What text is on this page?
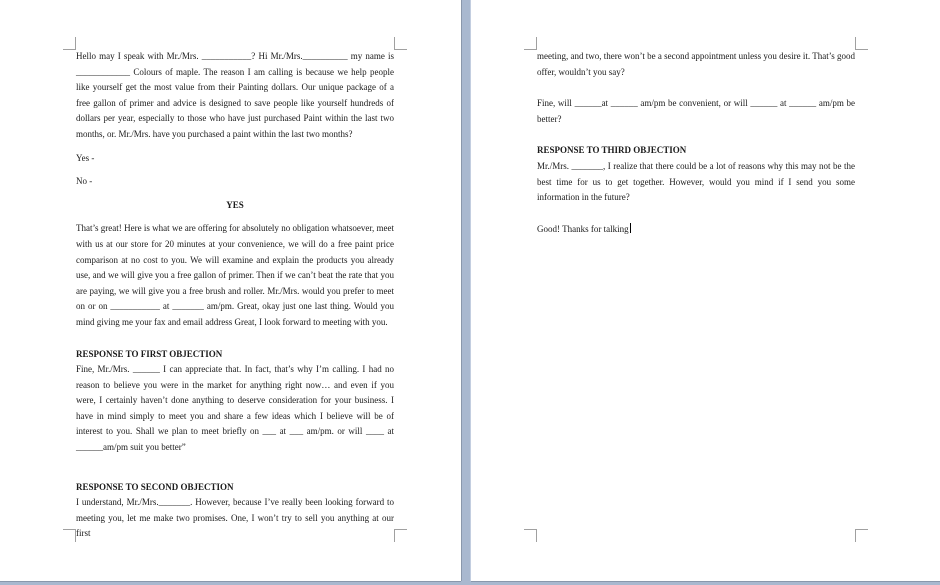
Hello may I speak with Mr./Mrs. ___________? Hi Mr./Mrs.__________ my name is ____________ Colours of maple. The reason I am calling is because we help people like yourself get the most value from their Painting dollars. Our unique package of a free gallon of primer and advice is designed to save people like yourself hundreds of dollars per year, especially to those who have just purchased Paint within the last two months, or. Mr./Mrs. have you purchased a paint within the last two months?

Yes -

No -

YES

That’s great! Here is what we are offering for absolutely no obligation whatsoever, meet with us at our store for 20 minutes at your convenience, we will do a free paint price comparison at no cost to you. We will examine and explain the products you already use, and we will give you a free gallon of primer. Then if we can’t beat the rate that you are paying, we will give you a free brush and roller. Mr./Mrs. would you prefer to meet on or on ___________ at _______ am/pm. Great, okay just one last thing. Would you mind giving me your fax and email address Great, I look forward to meeting with you.

RESPONSE TO FIRST OBJECTION

Fine, Mr./Mrs. ______ I can appreciate that. In fact, that’s why I’m calling. I had no reason to believe you were in the market for anything right now… and even if you were, I certainly haven’t done anything to deserve consideration for your business. I have in mind simply to meet you and share a few ideas which I believe will be of interest to you. Shall we plan to meet briefly on ___ at ___ am/pm. or will ____ at ______am/pm suit you better”

RESPONSE TO SECOND OBJECTION

I understand, Mr./Mrs._______. However, because I’ve really been looking forward to meeting you, let me make two promises. One, I won’t try to sell you anything at our first

meeting, and two, there won’t be a second appointment unless you desire it. That’s good offer, wouldn’t you say?

Fine, will ______at ______ am/pm be convenient, or will ______ at ______ am/pm be better?

RESPONSE TO THIRD OBJECTION

Mr./Mrs. _______, I realize that there could be a lot of reasons why this may not be the best time for us to get together. However, would you mind if I send you some information in the future?

Good! Thanks for talking
